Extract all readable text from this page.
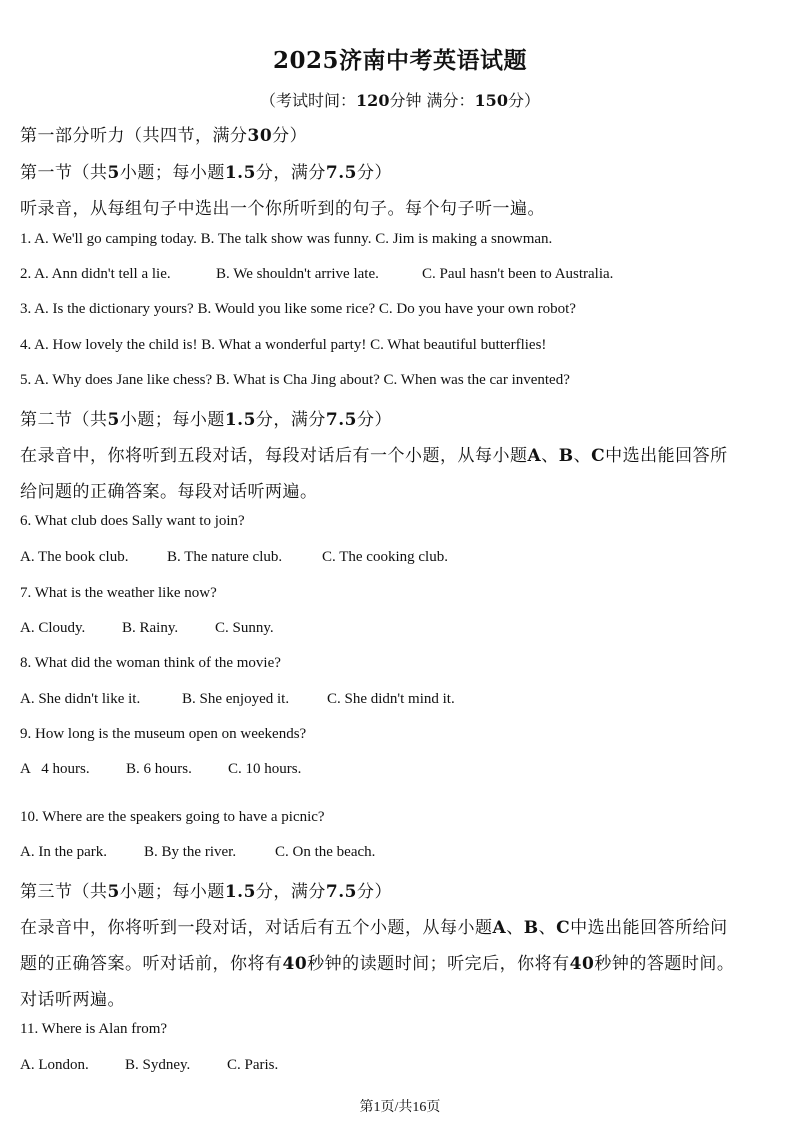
2025济南中考英语试题
（考试时间：120分钟 满分：150分）
第一部分听力（共四节，满分30分）
第一节（共5小题；每小题1.5分，满分7.5分）
听录音，从每组句子中选出一个你所听到的句子。每个句子听一遍。
1. A. We'll go camping today. B. The talk show was funny. C. Jim is making a snowman.
2. A. Ann didn't tell a lie.	B. We shouldn't arrive late.	C. Paul hasn't been to Australia.
3. A. Is the dictionary yours? B. Would you like some rice? C. Do you have your own robot?
4. A. How lovely the child is! B. What a wonderful party! C. What beautiful butterflies!
5. A. Why does Jane like chess? B. What is Cha Jing about? C. When was the car invented?
第二节（共5小题；每小题1.5分，满分7.5分）
在录音中，你将听到五段对话，每段对话后有一个小题，从每小题A、B、C中选出能回答所
给问题的正确答案。每段对话听两遍。
6. What club does Sally want to join?
A. The book club.	B. The nature club.	C. The cooking club.
7. What is the weather like now?
A. Cloudy. B. Rainy. C. Sunny.
8. What did the woman think of the movie?
A. She didn't like it.	B. She enjoyed it.	C. She didn't mind it.
9. How long is the museum open on weekends?
A   4 hours. B. 6 hours. C. 10 hours.
10. Where are the speakers going to have a picnic?
A. In the park. B. By the river.	C. On the beach.
第三节（共5小题；每小题1.5分，满分7.5分）
在录音中，你将听到一段对话，对话后有五个小题，从每小题A、B、C中选出能回答所给问
题的正确答案。听对话前，你将有40秒钟的读题时间；听完后，你将有40秒钟的答题时间。
对话听两遍。
11. Where is Alan from?
A. London. B. Sydney. C. Paris.
第1页/共16页
